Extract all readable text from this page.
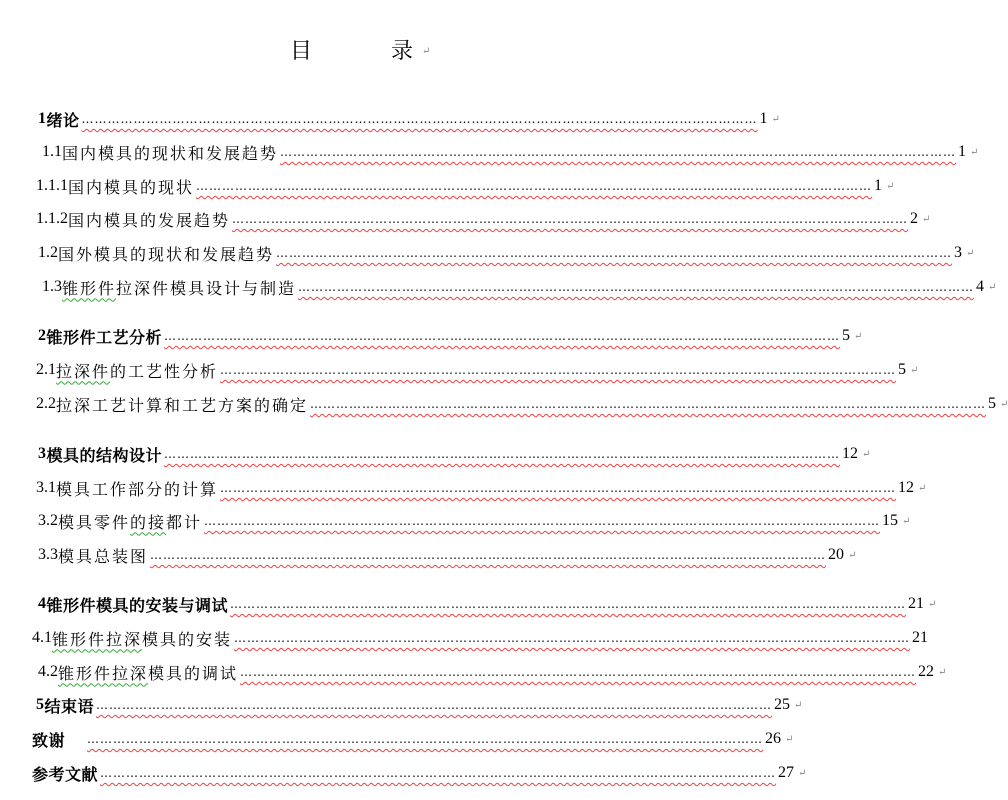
目	录 ↵
1 绪论 ………………………………………………………………………………………………………………………………………… 1 ↵
1.1 国内模具的现状和发展趋势 ………………………………………………………………………………………………………………………………………… 1 ↵
1.1.1 国内模具的现状 ………………………………………………………………………………………………………………………………………… 1 ↵
1.1.2 国内模具的发展趋势 ………………………………………………………………………………………………………………………………………… 2 ↵
1.2 国外模具的现状和发展趋势 ………………………………………………………………………………………………………………………………………… 3 ↵
1.3 锥形件拉深件模具设计与制造 ………………………………………………………………………………………………………………………………………… 4 ↵
2 锥形件工艺分析 ………………………………………………………………………………………………………………………………………… 5 ↵
2.1 拉深件的工艺性分析 ………………………………………………………………………………………………………………………………………… 5 ↵
2.2 拉深工艺计算和工艺方案的确定 ………………………………………………………………………………………………………………………………………… 5 ↵
3 模具的结构设计 ………………………………………………………………………………………………………………………………………… 12 ↵
3.1 模具工作部分的计算 ………………………………………………………………………………………………………………………………………… 12 ↵
3.2 模具零件的接都计 ………………………………………………………………………………………………………………………………………… 15 ↵
3.3 模具总装图 ………………………………………………………………………………………………………………………………………… 20 ↵
4 锥形件模具的安装与调试 ………………………………………………………………………………………………………………………………………… 21 ↵
4.1 锥形件拉深模具的安装 ………………………………………………………………………………………………………………………………………… 21
4.2 锥形件拉深模具的调试 ………………………………………………………………………………………………………………………………………… 22 ↵
5 结束语 ………………………………………………………………………………………………………………………………………… 25 ↵
致谢 ………………………………………………………………………………………………………………………………………… 26 ↵
参考文献 ………………………………………………………………………………………………………………………………………… 27 ↵
